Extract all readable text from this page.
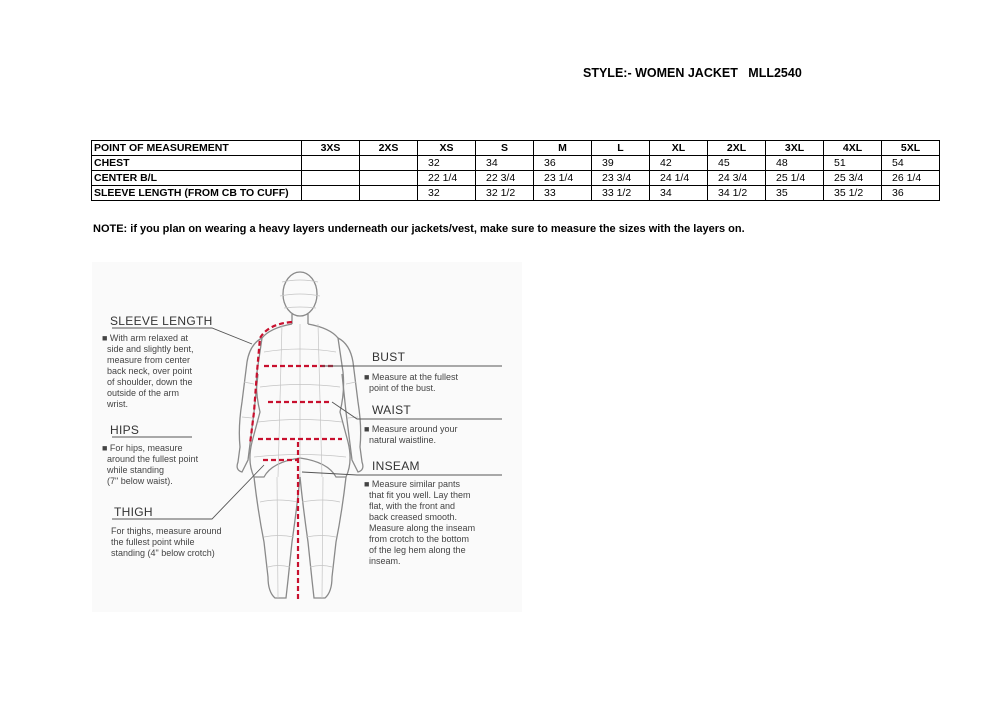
STYLE:- WOMEN JACKET   MLL2540
POINT OF MEASUREMENT	3XS	2XS	XS	S	M	L	XL	2XL	3XL	4XL	5XL
CHEST			32	34	36	39	42	45	48	51	54
CENTER B/L			22 1/4	22 3/4	23 1/4	23 3/4	24 1/4	24 3/4	25 1/4	25 3/4	26 1/4
SLEEVE LENGTH (FROM CB TO CUFF)			32	32 1/2	33	33 1/2	34	34 1/2	35	35 1/2	36
NOTE: if you plan on wearing a heavy layers underneath our jackets/vest, make sure to measure the sizes with the layers on.
SLEEVE LENGTH
■ With arm relaxed at
side and slightly bent,
measure from center
back neck, over point
of shoulder, down the
outside of the arm
wrist.
HIPS
■ For hips, measure
around the fullest point
while standing
(7" below waist).
THIGH
For thighs, measure around
the fullest point while
standing (4" below crotch)
BUST
■ Measure at the fullest
point of the bust.
WAIST
■ Measure around your
natural waistline.
INSEAM
■ Measure similar pants
that fit you well. Lay them
flat, with the front and
back creased smooth.
Measure along the inseam
from crotch to the bottom
of the leg hem along the
inseam.
